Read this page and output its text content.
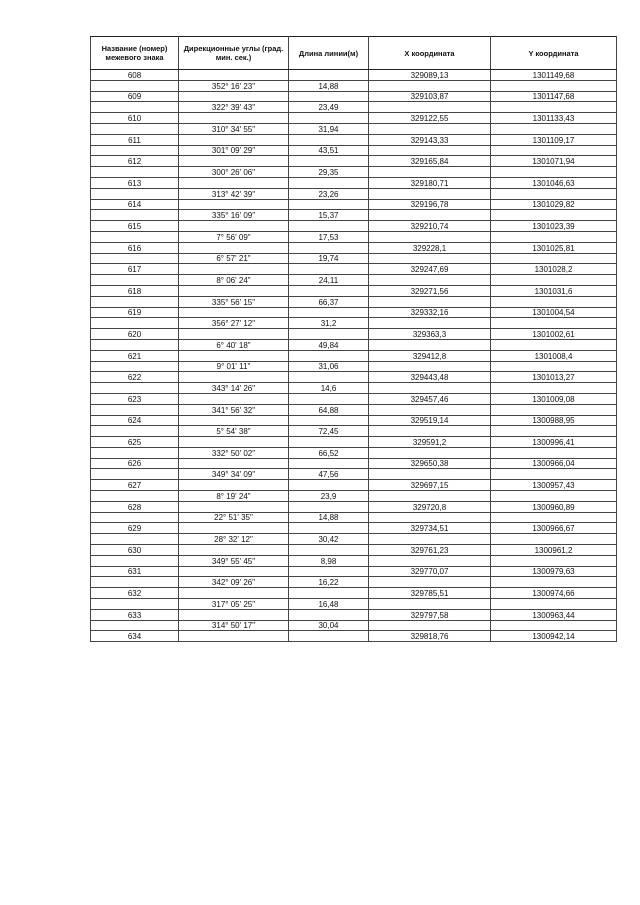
Название (номер) межевого знака	Дирекционные углы (град. мин. сек.)	Длина линии(м)	X координата	Y координата
608			329089,13	1301149,68
	352° 16' 23"	14,88		
609			329103,87	1301147,68
	322° 39' 43"	23,49		
610			329122,55	1301133,43
	310° 34' 55"	31,94		
611			329143,33	1301109,17
	301° 09' 29"	43,51		
612			329165,84	1301071,94
	300° 26' 06"	29,35		
613			329180,71	1301046,63
	313° 42' 39"	23,26		
614			329196,78	1301029,82
	335° 16' 09"	15,37		
615			329210,74	1301023,39
	7° 56' 09"	17,53		
616			329228,1	1301025,81
	6° 57' 21"	19,74		
617			329247,69	1301028,2
	8° 06' 24"	24,11		
618			329271,56	1301031,6
	335° 56' 15"	66,37		
619			329332,16	1301004,54
	356° 27' 12"	31,2		
620			329363,3	1301002,61
	6° 40' 18"	49,84		
621			329412,8	1301008,4
	9° 01' 11"	31,06		
622			329443,48	1301013,27
	343° 14' 26"	14,6		
623			329457,46	1301009,08
	341° 56' 32"	64,88		
624			329519,14	1300988,95
	5° 54' 38"	72,45		
625			329591,2	1300996,41
	332° 50' 02"	66,52		
626			329650,38	1300966,04
	349° 34' 09"	47,56		
627			329697,15	1300957,43
	8° 19' 24"	23,9		
628			329720,8	1300960,89
	22° 51' 35"	14,88		
629			329734,51	1300966,67
	28° 32' 12"	30,42		
630			329761,23	1300961,2
	349° 55' 45"	8,98		
631			329770,07	1300979,63
	342° 09' 26"	16,22		
632			329785,51	1300974,66
	317° 05' 25"	16,48		
633			329797,58	1300963,44
	314° 50' 17"	30,04		
634			329818,76	1300942,14
